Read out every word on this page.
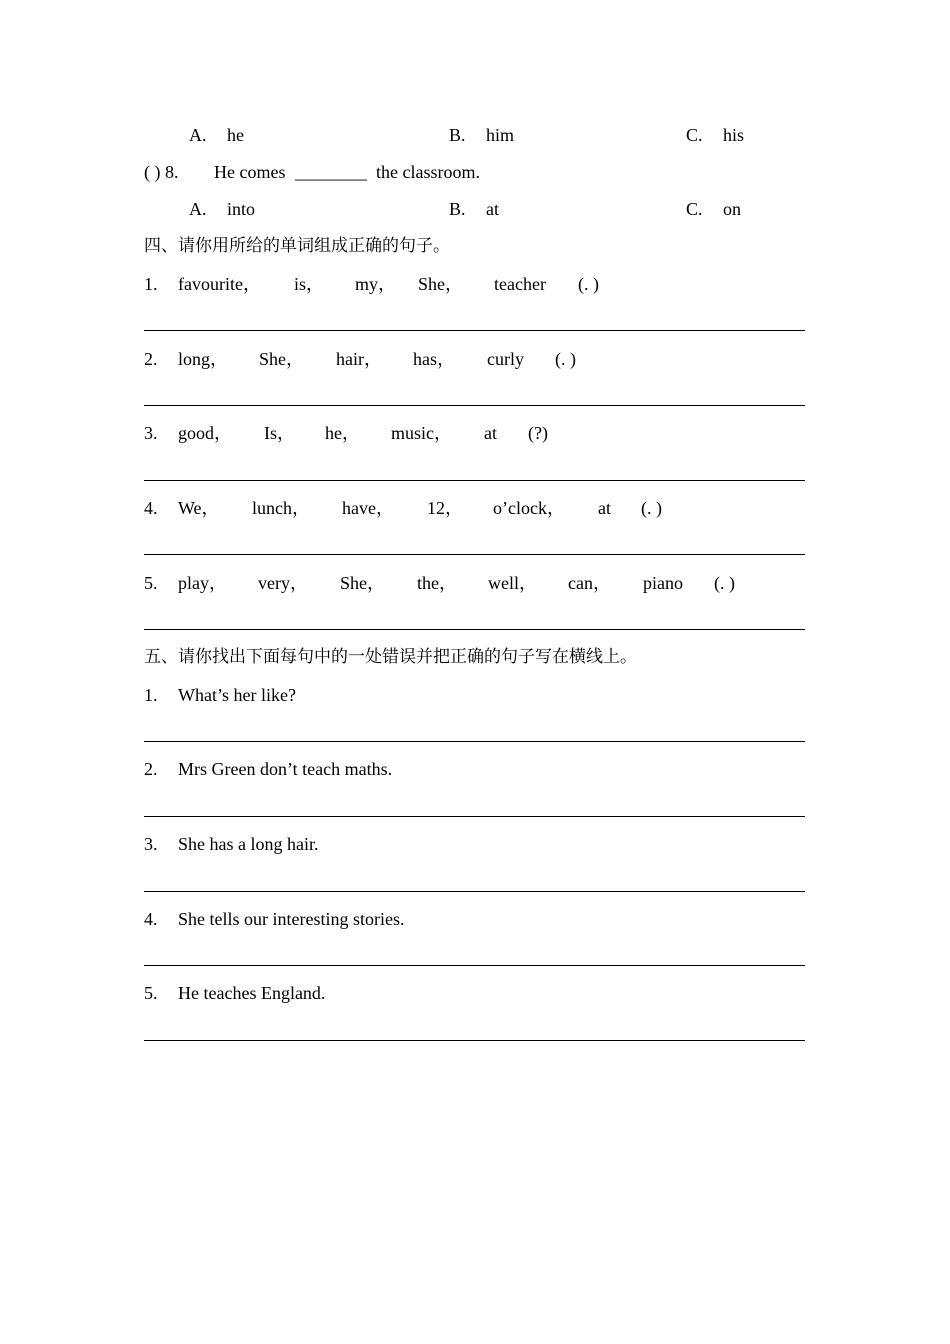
A. he	B. him	C. his
( ) 8. He comes ________ the classroom.
A. into	B. at	C. on
四、请你用所给的单词组成正确的句子。
1. favourite， is， my， She， teacher (. )
2. long， She， hair， has， curly (. )
3. good， Is， he， music， at (?)
4. We， lunch， have， 12， o’clock， at (. )
5. play， very， She， the， well， can， piano (. )
五、请你找出下面每句中的一处错误并把正确的句子写在横线上。
1. What’s her like?
2. Mrs Green don’t teach maths.
3. She has a long hair.
4. She tells our interesting stories.
5. He teaches England.
